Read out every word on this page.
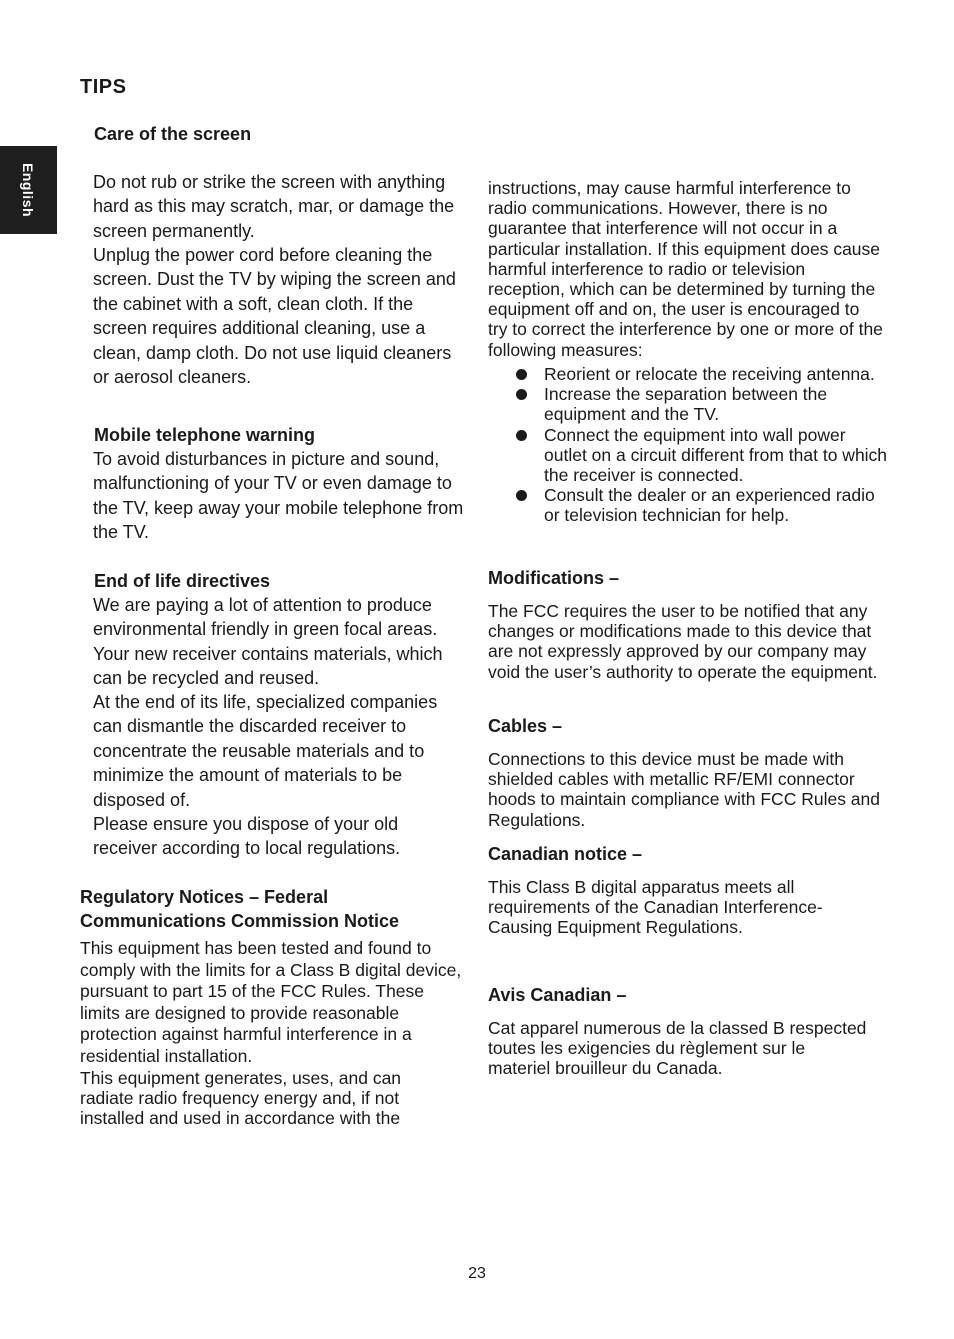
English
TIPS
Care of the screen

Do not rub or strike the screen with anything hard as this may scratch, mar, or damage the screen permanently.

Unplug the power cord before cleaning the screen. Dust the TV by wiping the screen and the cabinet with a soft, clean cloth. If the screen requires additional cleaning, use a clean, damp cloth. Do not use liquid cleaners or aerosol cleaners.

Mobile telephone warning

To avoid disturbances in picture and sound, malfunctioning of your TV or even damage to the TV, keep away your mobile telephone from the TV.

End of life directives

We are paying a lot of attention to produce environmental friendly in green focal areas. Your new receiver contains materials, which can be recycled and reused.

At the end of its life, specialized companies can dismantle the discarded receiver to concentrate the reusable materials and to minimize the amount of materials to be disposed of.

Please ensure you dispose of your old receiver according to local regulations.

Regulatory Notices – Federal Communications Commission Notice

This equipment has been tested and found to comply with the limits for a Class B digital device, pursuant to part 15 of the FCC Rules. These limits are designed to provide reasonable protection against harmful interference in a residential installation.

This equipment generates, uses, and can radiate radio frequency energy and, if not installed and used in accordance with the

instructions, may cause harmful interference to radio communications. However, there is no guarantee that interference will not occur in a particular installation. If this equipment does cause harmful interference to radio or television reception, which can be determined by turning the equipment off and on, the user is encouraged to try to correct the interference by one or more of the following measures:

Reorient or relocate the receiving antenna.
Increase the separation between the equipment and the TV.
Connect the equipment into wall power outlet on a circuit different from that to which the receiver is connected.
Consult the dealer or an experienced radio or television technician for help.
Modifications –

The FCC requires the user to be notified that any changes or modifications made to this device that are not expressly approved by our company may void the user’s authority to operate the equipment.

Cables –

Connections to this device must be made with shielded cables with metallic RF/EMI connector hoods to maintain compliance with FCC Rules and Regulations.

Canadian notice –

This Class B digital apparatus meets all requirements of the Canadian Interference-Causing Equipment Regulations.

Avis Canadian –

Cat apparel numerous de la classed B respected toutes les exigencies du règlement sur le materiel brouilleur du Canada.

23
